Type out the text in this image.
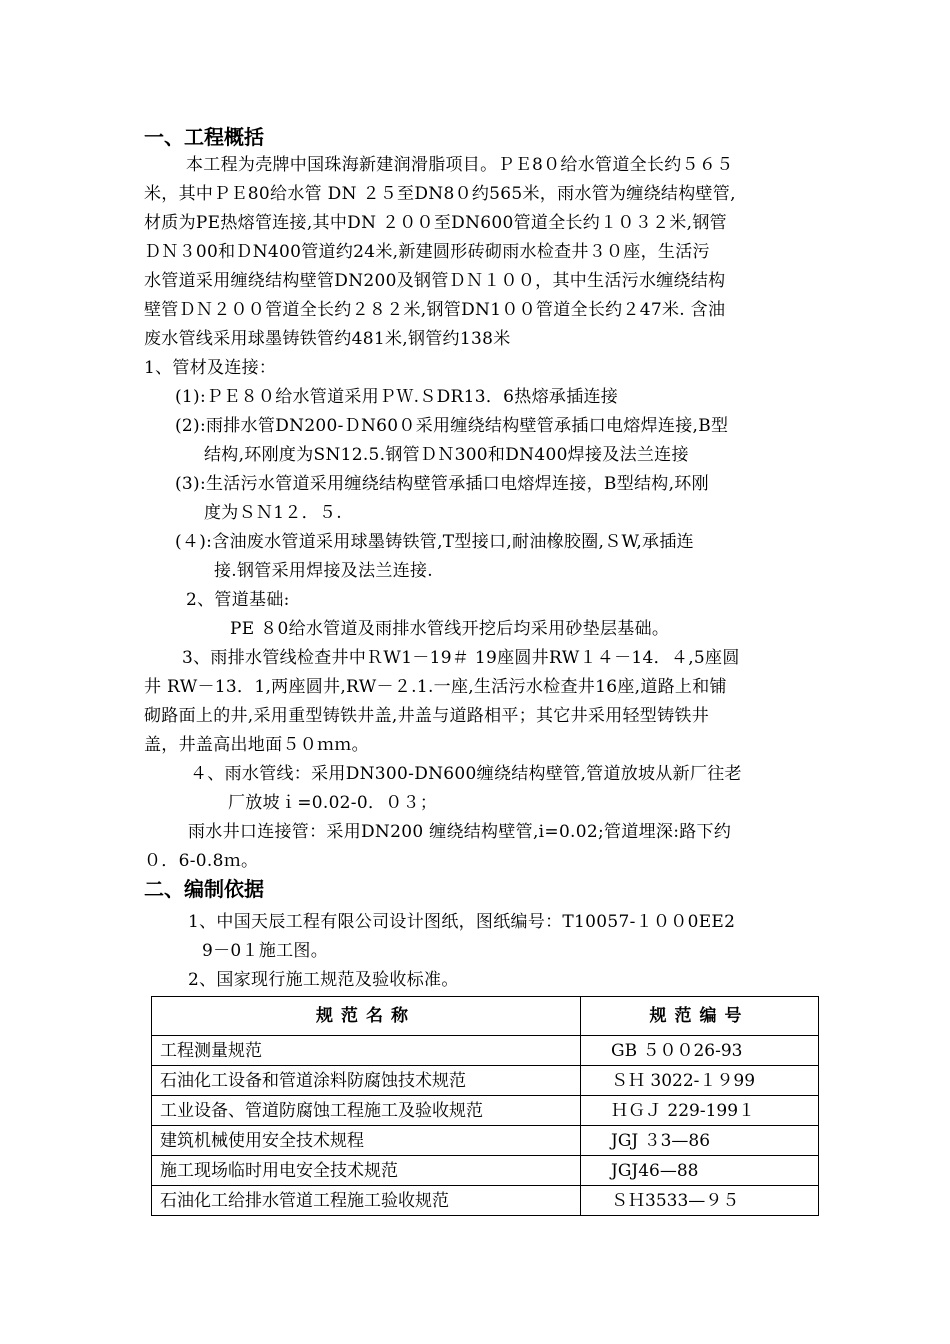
一、工程概括
本工程为壳牌中国珠海新建润滑脂项目。ＰＥ8０给水管道全长约５６５
米，其中ＰＥ80给水管 DN ２５至DN8０约565米，雨水管为缠绕结构壁管,
材质为PE热熔管连接,其中DN ２００至DN600管道全长约１０３２米,钢管
ＤＮ３00和ＤN400管道约24米,新建圆形砖砌雨水检查井３０座，生活污
水管道采用缠绕结构壁管DN200及钢管ＤＮ１００，其中生活污水缠绕结构
壁管ＤＮ２００管道全长约２８２米,钢管DN1００管道全长约２47米. 含油
废水管线采用球墨铸铁管约481米,钢管约138米
1、管材及连接：
(1):ＰＥ８０给水管道采用ＰＷ.ＳDR13．6热熔承插连接
(2):雨排水管DN200-ＤN60０采用缠绕结构壁管承插口电熔焊连接,B型
结构,环刚度为SN12.5.钢管ＤＮ300和DN400焊接及法兰连接
(3):生活污水管道采用缠绕结构壁管承插口电熔焊连接，B型结构,环刚
度为ＳＮ1２．５.
(４):含油废水管道采用球墨铸铁管,T型接口,耐油橡胶圈,ＳW,承插连
接.钢管采用焊接及法兰连接.
2、管道基础:
PE ８0给水管道及雨排水管线开挖后均采用砂垫层基础。
3、雨排水管线检查井中ＲW1－19＃ 19座圆井RW１４－14．４,5座圆
井 RW－13．1,两座圆井,RW－２.1.一座,生活污水检查井16座,道路上和铺
砌路面上的井,采用重型铸铁井盖,井盖与道路相平；其它井采用轻型铸铁井
盖，井盖高出地面５０ｍｍ。
４、雨水管线：采用DN300-DN600缠绕结构壁管,管道放坡从新厂往老
厂放坡ｉ=0.02-0．０３；
雨水井口连接管：采用DN200 缠绕结构壁管,i=0.02;管道埋深:路下约
０．6-0.8ｍ。
二、编制依据
1、中国天辰工程有限公司设计图纸，图纸编号：T10057-１００0EE2
9－0１施工图。
2、国家现行施工规范及验收标准。
规范名称	规范编号
工程测量规范	GB ５００26-93
石油化工设备和管道涂料防腐蚀技术规范	ＳＨ 3022-１９99
工业设备、管道防腐蚀工程施工及验收规范	ＨＧＪ 229-199１
建筑机械使用安全技术规程	JGJ ３3—86
施工现场临时用电安全技术规范	JGJ46—88
石油化工给排水管道工程施工验收规范	ＳＨ3533—９５
